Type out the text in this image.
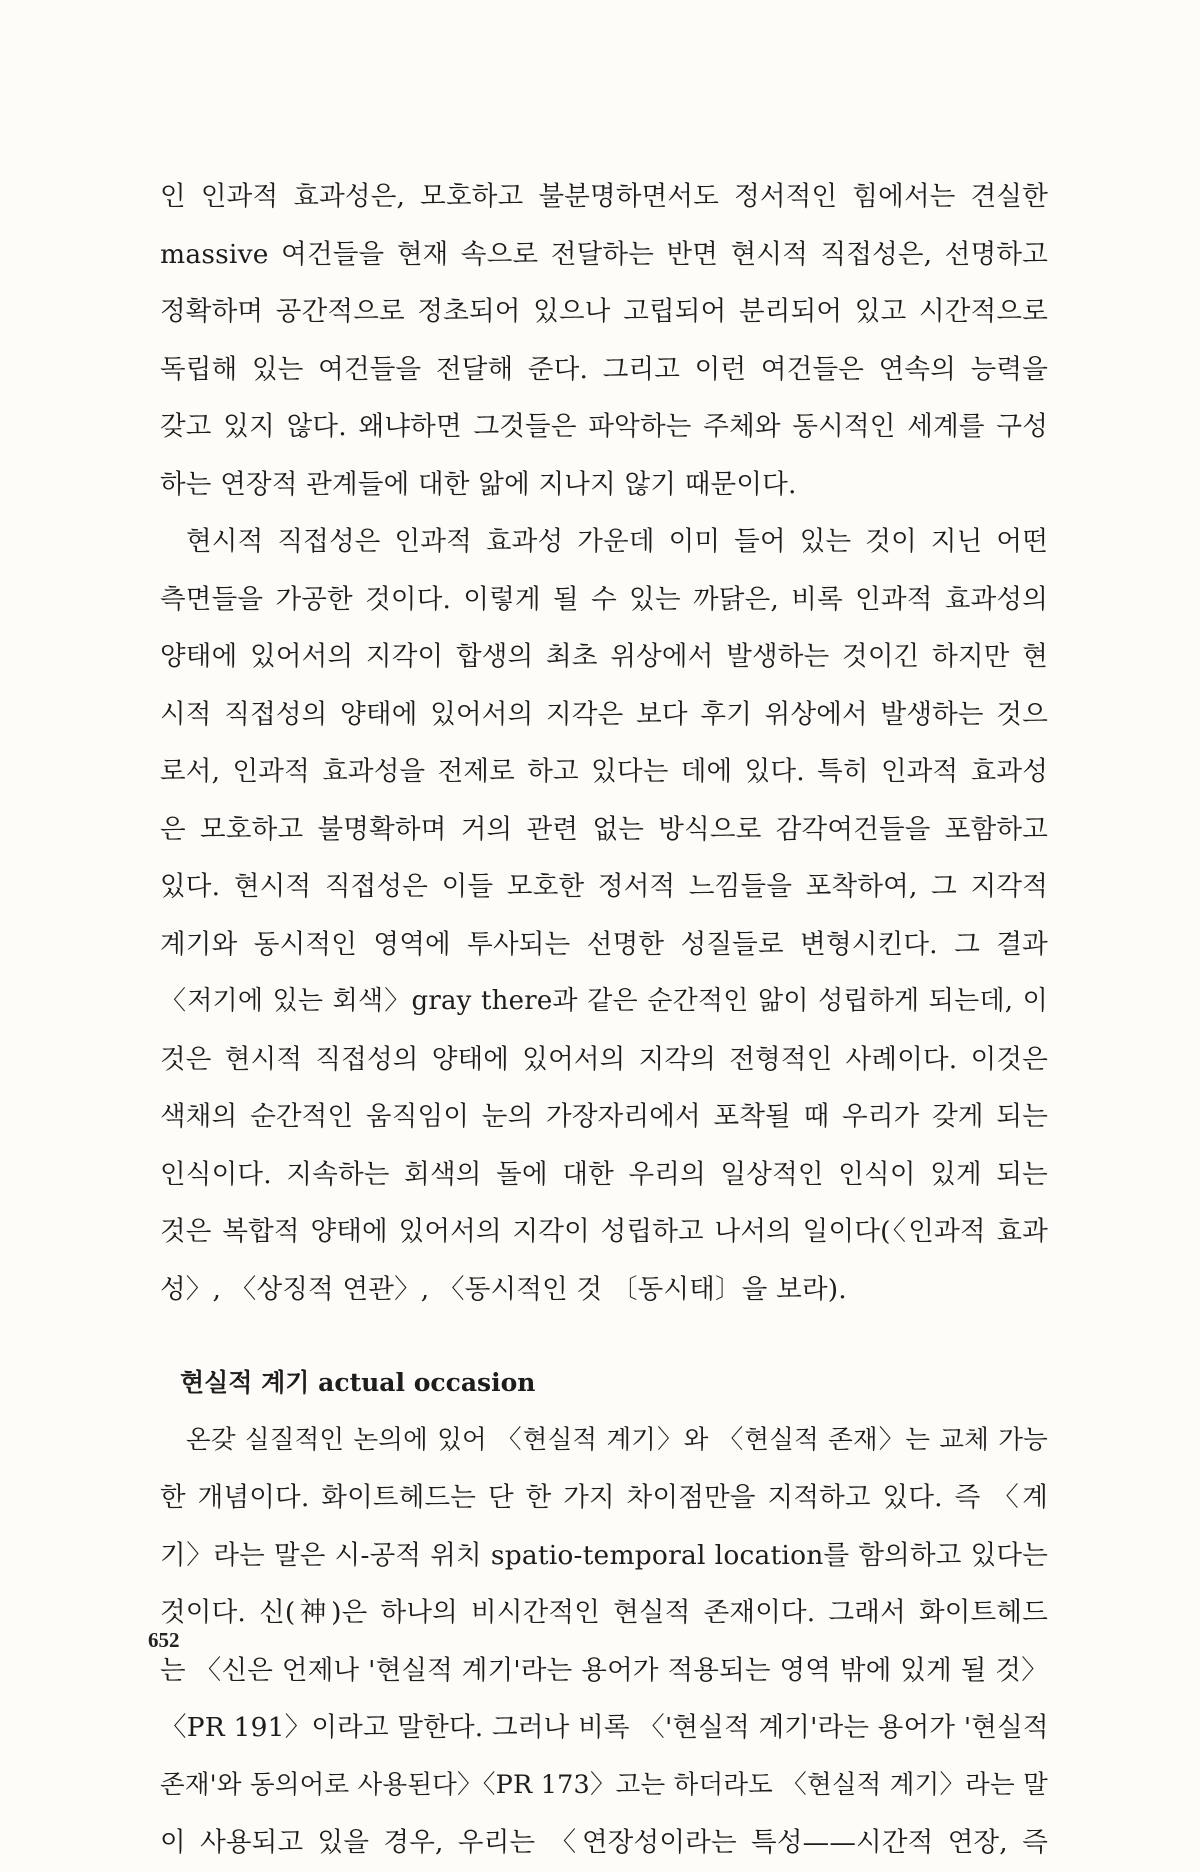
인 인과적 효과성은, 모호하고 불분명하면서도 정서적인 힘에서는 견실한
massive 여건들을 현재 속으로 전달하는 반면 현시적 직접성은, 선명하고
정확하며 공간적으로 정초되어 있으나 고립되어 분리되어 있고 시간적으로
독립해 있는 여건들을 전달해 준다. 그리고 이런 여건들은 연속의 능력을
갖고 있지 않다. 왜냐하면 그것들은 파악하는 주체와 동시적인 세계를 구성
하는 연장적 관계들에 대한 앎에 지나지 않기 때문이다.
현시적 직접성은 인과적 효과성 가운데 이미 들어 있는 것이 지닌 어떤
측면들을 가공한 것이다. 이렇게 될 수 있는 까닭은, 비록 인과적 효과성의
양태에 있어서의 지각이 합생의 최초 위상에서 발생하는 것이긴 하지만 현
시적 직접성의 양태에 있어서의 지각은 보다 후기 위상에서 발생하는 것으
로서, 인과적 효과성을 전제로 하고 있다는 데에 있다. 특히 인과적 효과성
은 모호하고 불명확하며 거의 관련 없는 방식으로 감각여건들을 포함하고
있다. 현시적 직접성은 이들 모호한 정서적 느낌들을 포착하여, 그 지각적
계기와 동시적인 영역에 투사되는 선명한 성질들로 변형시킨다. 그 결과
〈저기에 있는 회색〉gray there과 같은 순간적인 앎이 성립하게 되는데, 이
것은 현시적 직접성의 양태에 있어서의 지각의 전형적인 사례이다. 이것은
색채의 순간적인 움직임이 눈의 가장자리에서 포착될 때 우리가 갖게 되는
인식이다. 지속하는 회색의 돌에 대한 우리의 일상적인 인식이 있게 되는
것은 복합적 양태에 있어서의 지각이 성립하고 나서의 일이다(〈인과적 효과
성〉, 〈상징적 연관〉, 〈동시적인 것 〔동시태〕을 보라).
현실적 계기 actual occasion
온갖 실질적인 논의에 있어 〈현실적 계기〉와 〈현실적 존재〉는 교체 가능
한 개념이다. 화이트헤드는 단 한 가지 차이점만을 지적하고 있다. 즉 〈계
기〉라는 말은 시-공적 위치 spatio-temporal location를 함의하고 있다는
것이다. 신(神)은 하나의 비시간적인 현실적 존재이다. 그래서 화이트헤드
는 〈신은 언제나 '현실적 계기'라는 용어가 적용되는 영역 밖에 있게 될 것〉
〈PR 191〉이라고 말한다. 그러나 비록 〈'현실적 계기'라는 용어가 '현실적
존재'와 동의어로 사용된다〉〈PR 173〉고는 하더라도 〈현실적 계기〉라는 말
이 사용되고 있을 경우, 우리는 〈연장성이라는 특성——시간적 연장, 즉
652
